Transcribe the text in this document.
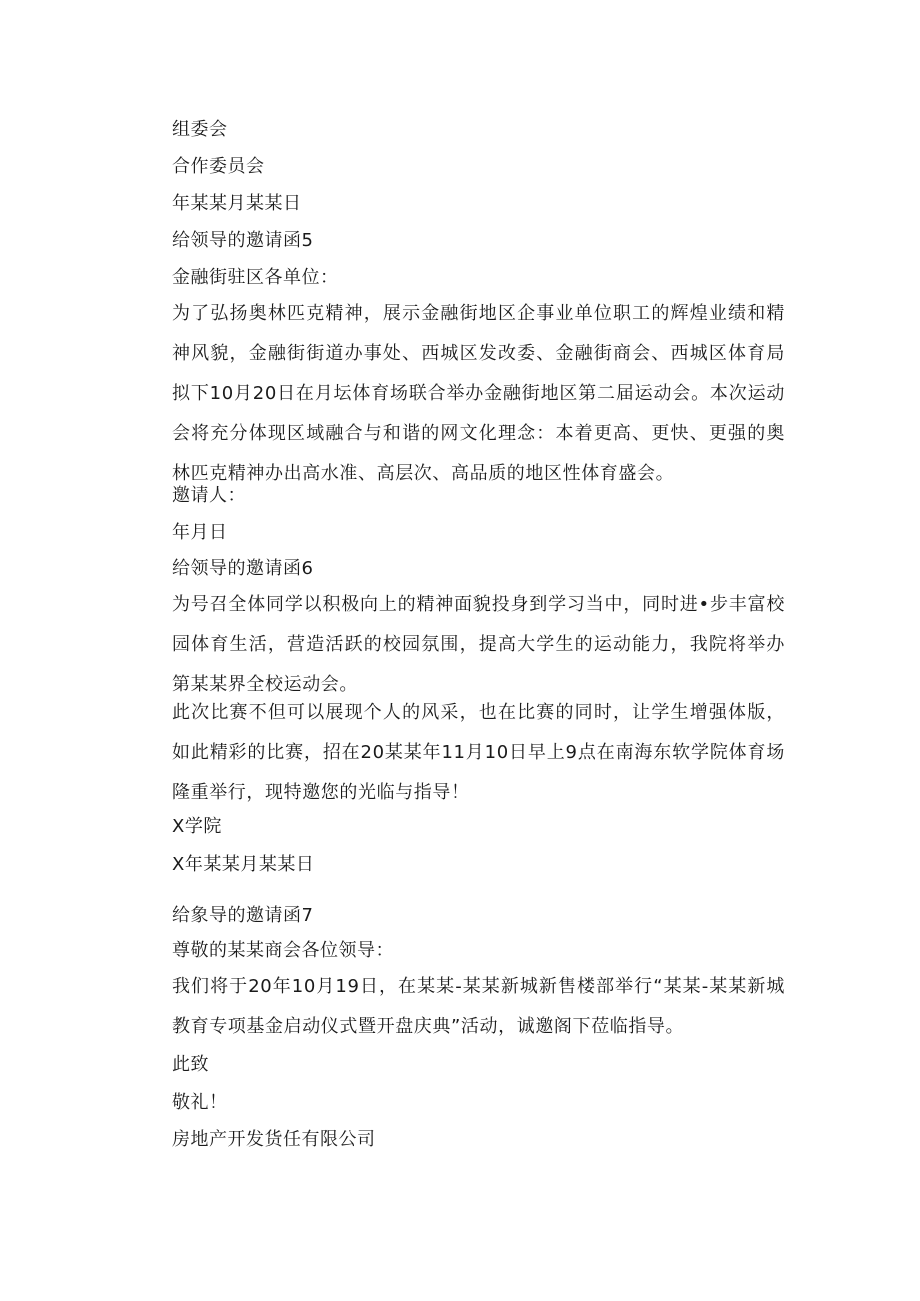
组委会
合作委员会
年某某月某某日
给领导的邀请函5
金融街驻区各单位：
为了弘扬奥林匹克精神，展示金融街地区企事业单位职工的辉煌业绩和精神风貌，金融街街道办事处、西城区发改委、金融街商会、西城区体育局拟下10月20日在月坛体育场联合举办金融街地区第二届运动会。本次运动会将充分体现区域融合与和谐的网文化理念：本着更高、更快、更强的奥林匹克精神办出高水准、高层次、高品质的地区性体育盛会。
邀请人：
年月日
给领导的邀请函6
为号召全体同学以积极向上的精神面貌投身到学习当中，同时进•步丰富校园体育生活，营造活跃的校园氛围，提高大学生的运动能力，我院将举办第某某界全校运动会。
此次比赛不但可以展现个人的风采，也在比赛的同时，让学生增强体版，如此精彩的比赛，招在20某某年11月10日早上9点在南海东软学院体育场隆重举行，现特邀您的光临与指导！
X学院
X年某某月某某日
给象导的邀请函7
尊敬的某某商会各位领导：
我们将于20年10月19日，在某某-某某新城新售楼部举行“某某-某某新城教育专项基金启动仪式暨开盘庆典”活动，诚邀阁下莅临指导。
此致
敬礼！
房地产开发货任有限公司
